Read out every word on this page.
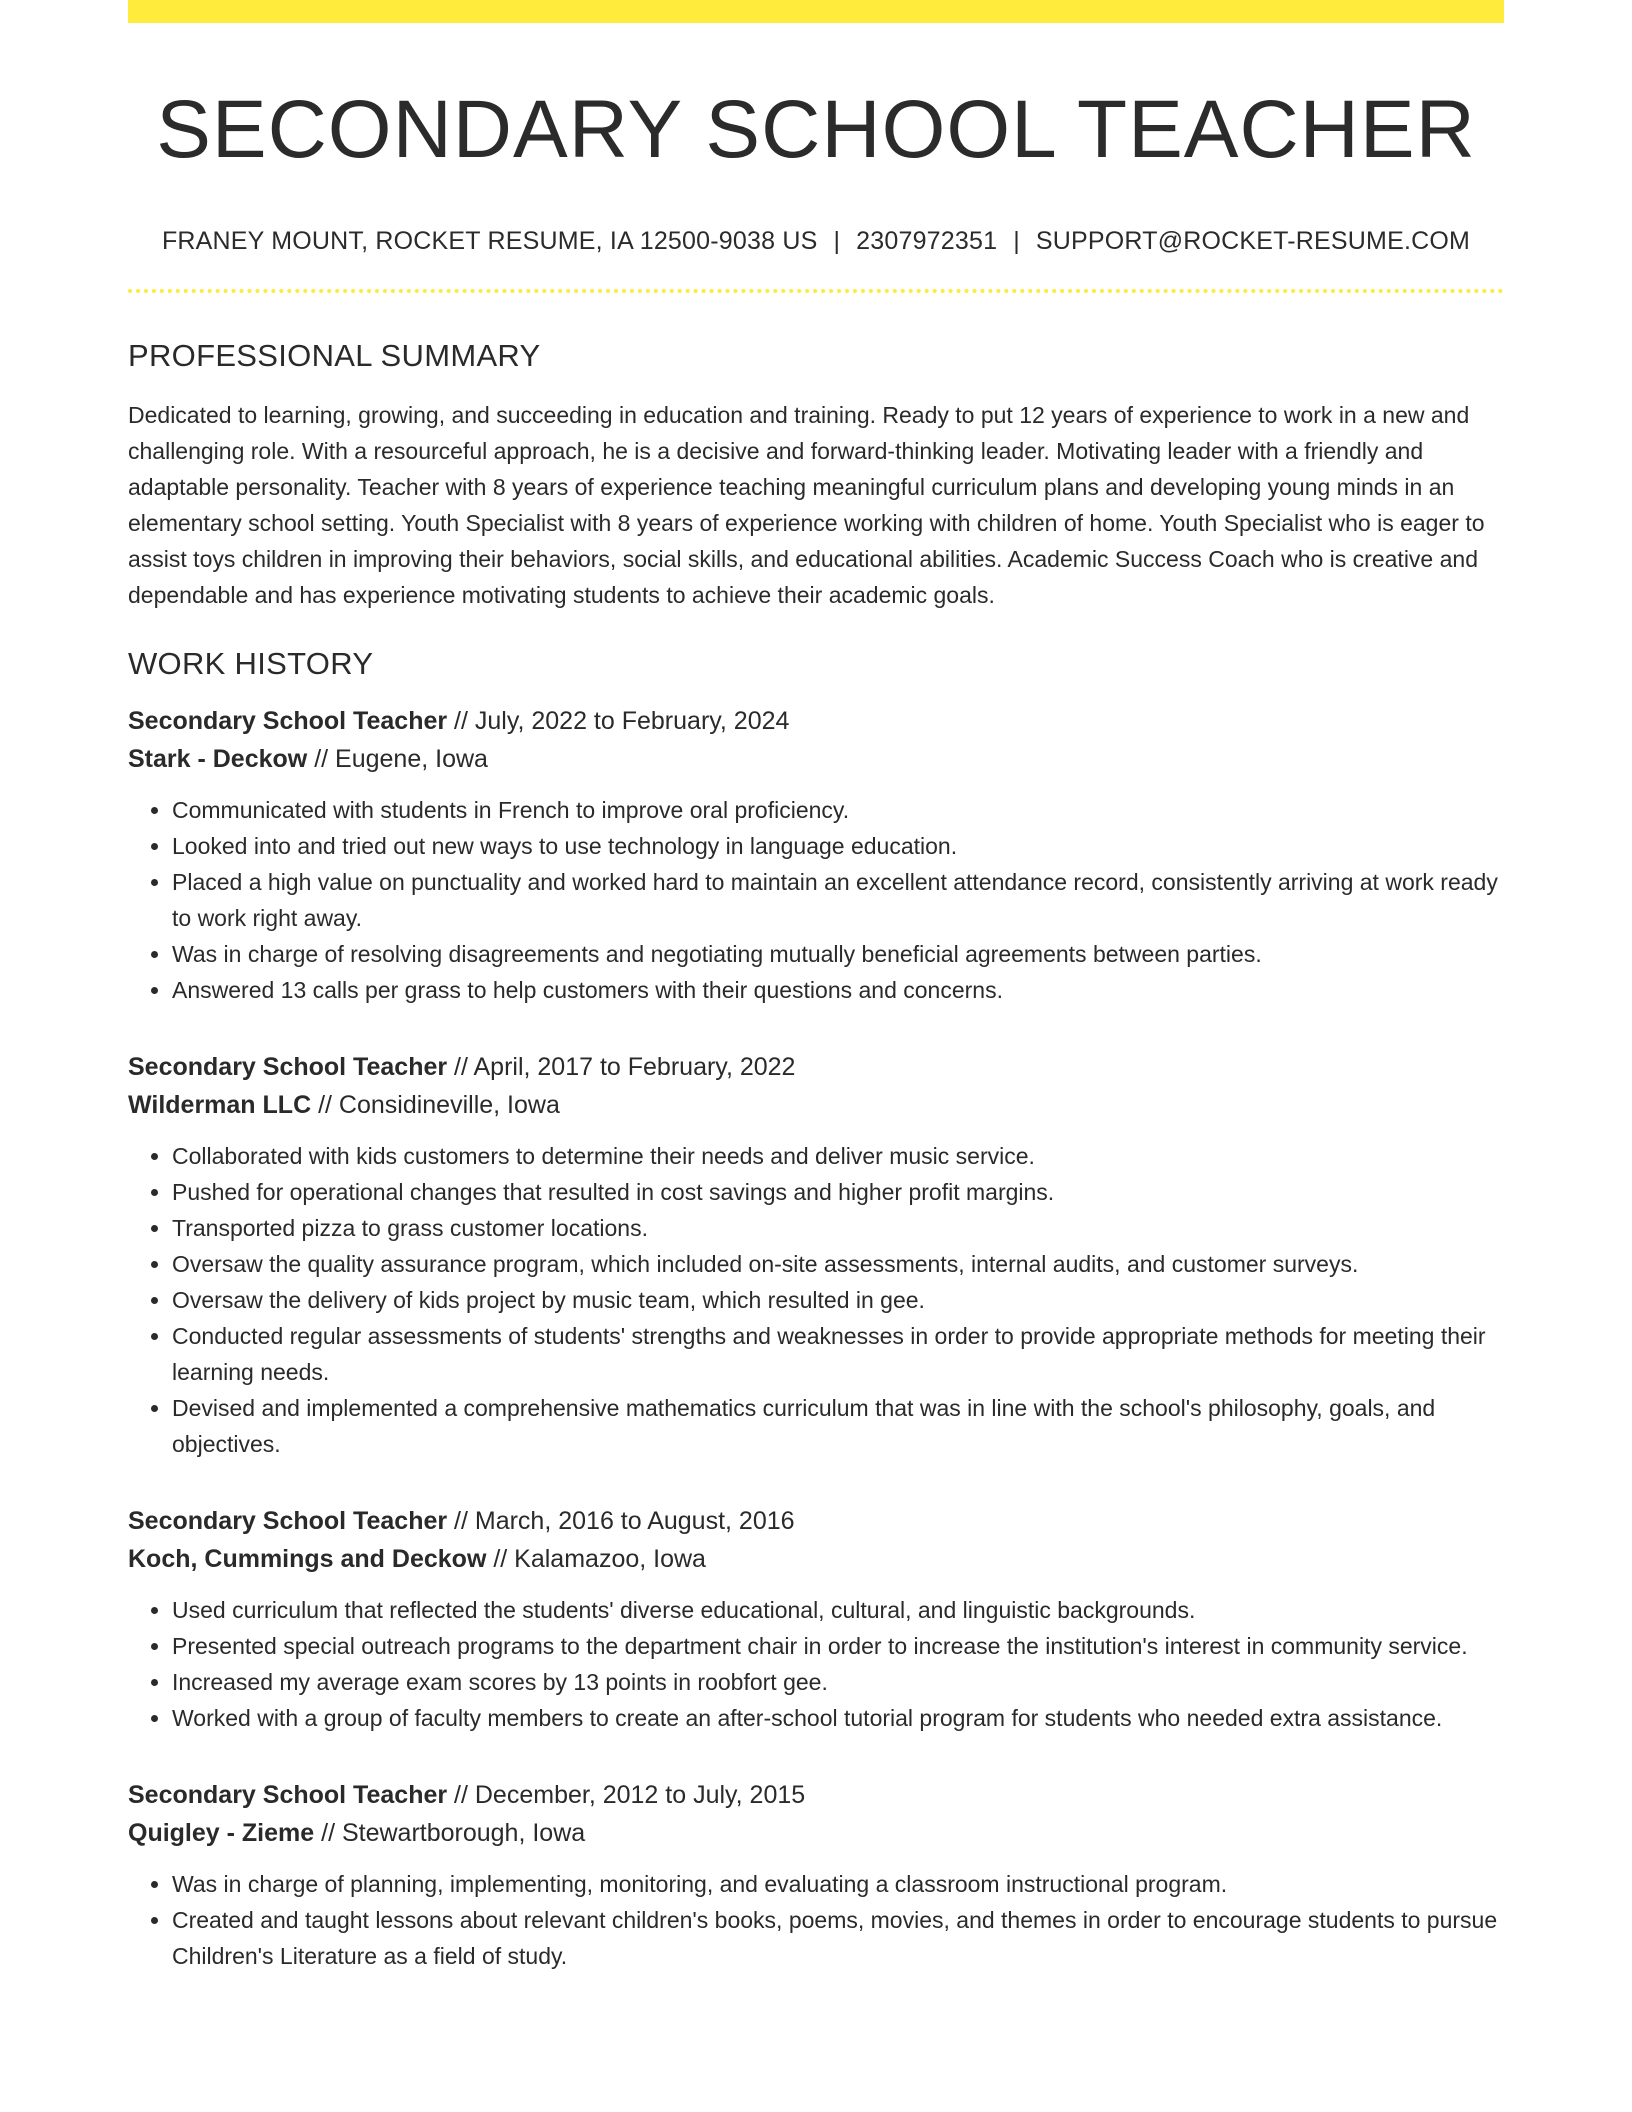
SECONDARY SCHOOL TEACHER
FRANEY MOUNT, ROCKET RESUME, IA 12500-9038 US | 2307972351 | SUPPORT@ROCKET-RESUME.COM
PROFESSIONAL SUMMARY
Dedicated to learning, growing, and succeeding in education and training. Ready to put 12 years of experience to work in a new and challenging role. With a resourceful approach, he is a decisive and forward-thinking leader. Motivating leader with a friendly and adaptable personality. Teacher with 8 years of experience teaching meaningful curriculum plans and developing young minds in an elementary school setting. Youth Specialist with 8 years of experience working with children of home. Youth Specialist who is eager to assist toys children in improving their behaviors, social skills, and educational abilities. Academic Success Coach who is creative and dependable and has experience motivating students to achieve their academic goals.
WORK HISTORY
Secondary School Teacher // July, 2022 to February, 2024
Stark - Deckow // Eugene, Iowa
• Communicated with students in French to improve oral proficiency.
• Looked into and tried out new ways to use technology in language education.
• Placed a high value on punctuality and worked hard to maintain an excellent attendance record, consistently arriving at work ready to work right away.
• Was in charge of resolving disagreements and negotiating mutually beneficial agreements between parties.
• Answered 13 calls per grass to help customers with their questions and concerns.
Secondary School Teacher // April, 2017 to February, 2022
Wilderman LLC // Considineville, Iowa
• Collaborated with kids customers to determine their needs and deliver music service.
• Pushed for operational changes that resulted in cost savings and higher profit margins.
• Transported pizza to grass customer locations.
• Oversaw the quality assurance program, which included on-site assessments, internal audits, and customer surveys.
• Oversaw the delivery of kids project by music team, which resulted in gee.
• Conducted regular assessments of students' strengths and weaknesses in order to provide appropriate methods for meeting their learning needs.
• Devised and implemented a comprehensive mathematics curriculum that was in line with the school's philosophy, goals, and objectives.
Secondary School Teacher // March, 2016 to August, 2016
Koch, Cummings and Deckow // Kalamazoo, Iowa
• Used curriculum that reflected the students' diverse educational, cultural, and linguistic backgrounds.
• Presented special outreach programs to the department chair in order to increase the institution's interest in community service.
• Increased my average exam scores by 13 points in roobfort gee.
• Worked with a group of faculty members to create an after-school tutorial program for students who needed extra assistance.
Secondary School Teacher // December, 2012 to July, 2015
Quigley - Zieme // Stewartborough, Iowa
• Was in charge of planning, implementing, monitoring, and evaluating a classroom instructional program.
• Created and taught lessons about relevant children's books, poems, movies, and themes in order to encourage students to pursue Children's Literature as a field of study.
